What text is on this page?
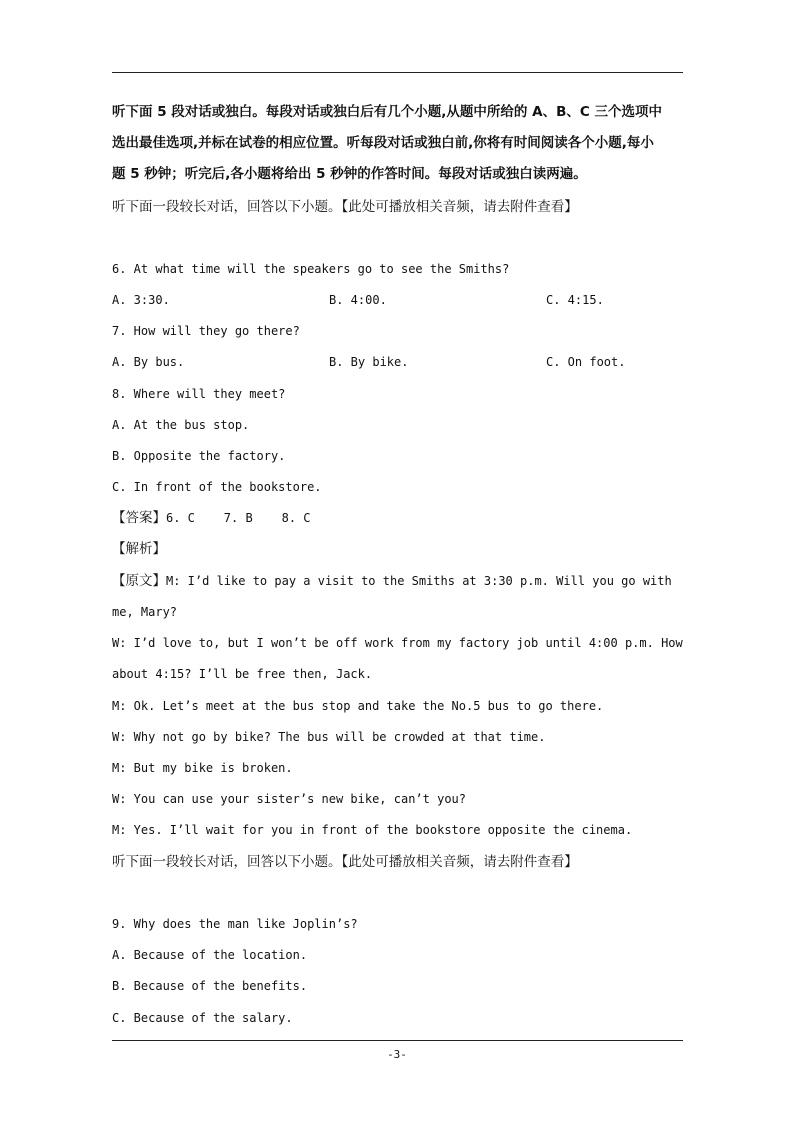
听下面 5 段对话或独白。每段对话或独白后有几个小题,从题中所给的 A、B、C 三个选项中
选出最佳选项,并标在试卷的相应位置。听每段对话或独白前,你将有时间阅读各个小题,每小
题 5 秒钟；听完后,各小题将给出 5 秒钟的作答时间。每段对话或独白读两遍。
听下面一段较长对话，回答以下小题。【此处可播放相关音频，请去附件查看】
6. At what time will the speakers go to see the Smiths?
A. 3:30.	B. 4:00.	C. 4:15.
7. How will they go there?
A. By bus.	B. By bike.	C. On foot.
8. Where will they meet?
A. At the bus stop.
B. Opposite the factory.
C. In front of the bookstore.
【答案】6. C    7. B    8. C
【解析】
【原文】M: I’d like to pay a visit to the Smiths at 3:30 p.m. Will you go with
me, Mary?
W: I’d love to, but I won’t be off work from my factory job until 4:00 p.m. How
about 4:15? I’ll be free then, Jack.
M: Ok. Let’s meet at the bus stop and take the No.5 bus to go there.
W: Why not go by bike? The bus will be crowded at that time.
M: But my bike is broken.
W: You can use your sister’s new bike, can’t you?
M: Yes. I’ll wait for you in front of the bookstore opposite the cinema.
听下面一段较长对话，回答以下小题。【此处可播放相关音频，请去附件查看】
9. Why does the man like Joplin’s?
A. Because of the location.
B. Because of the benefits.
C. Because of the salary.
-3-
